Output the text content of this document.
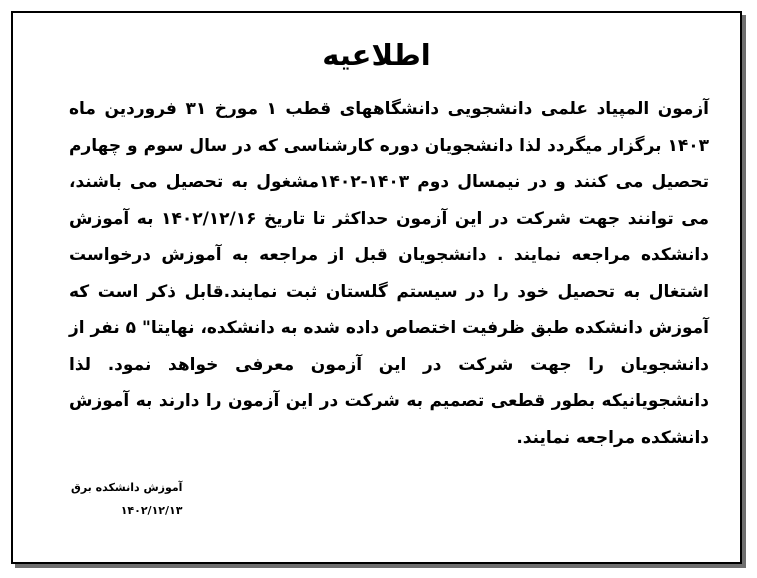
اطلاعیه
آزمون المپیاد علمی دانشجویی دانشگاههای قطب ۱ مورخ ۳۱ فروردین ماه ۱۴۰۳ برگزار میگردد لذا دانشجویان دوره کارشناسی که در سال سوم و چهارم تحصیل می کنند و در نیمسال دوم ۱۴۰۳-۱۴۰۲مشغول به تحصیل می باشند، می توانند جهت شرکت در این آزمون حداکثر تا تاریخ ۱۴۰۲/۱۲/۱۶ به آموزش دانشکده مراجعه نمایند . دانشجویان قبل از مراجعه به آموزش درخواست اشتغال به تحصیل خود را در سیستم گلستان ثبت نمایند.قابل ذکر است که آموزش دانشکده طبق ظرفیت اختصاص داده شده به دانشکده، نهایتا" ۵ نفر از دانشجویان را جهت شرکت در این آزمون معرفی خواهد نمود. لذا دانشجویانیکه بطور قطعی تصمیم به شرکت در این آزمون را دارند به آموزش دانشکده مراجعه نمایند.
آموزش دانشکده برق
۱۴۰۲/۱۲/۱۳
